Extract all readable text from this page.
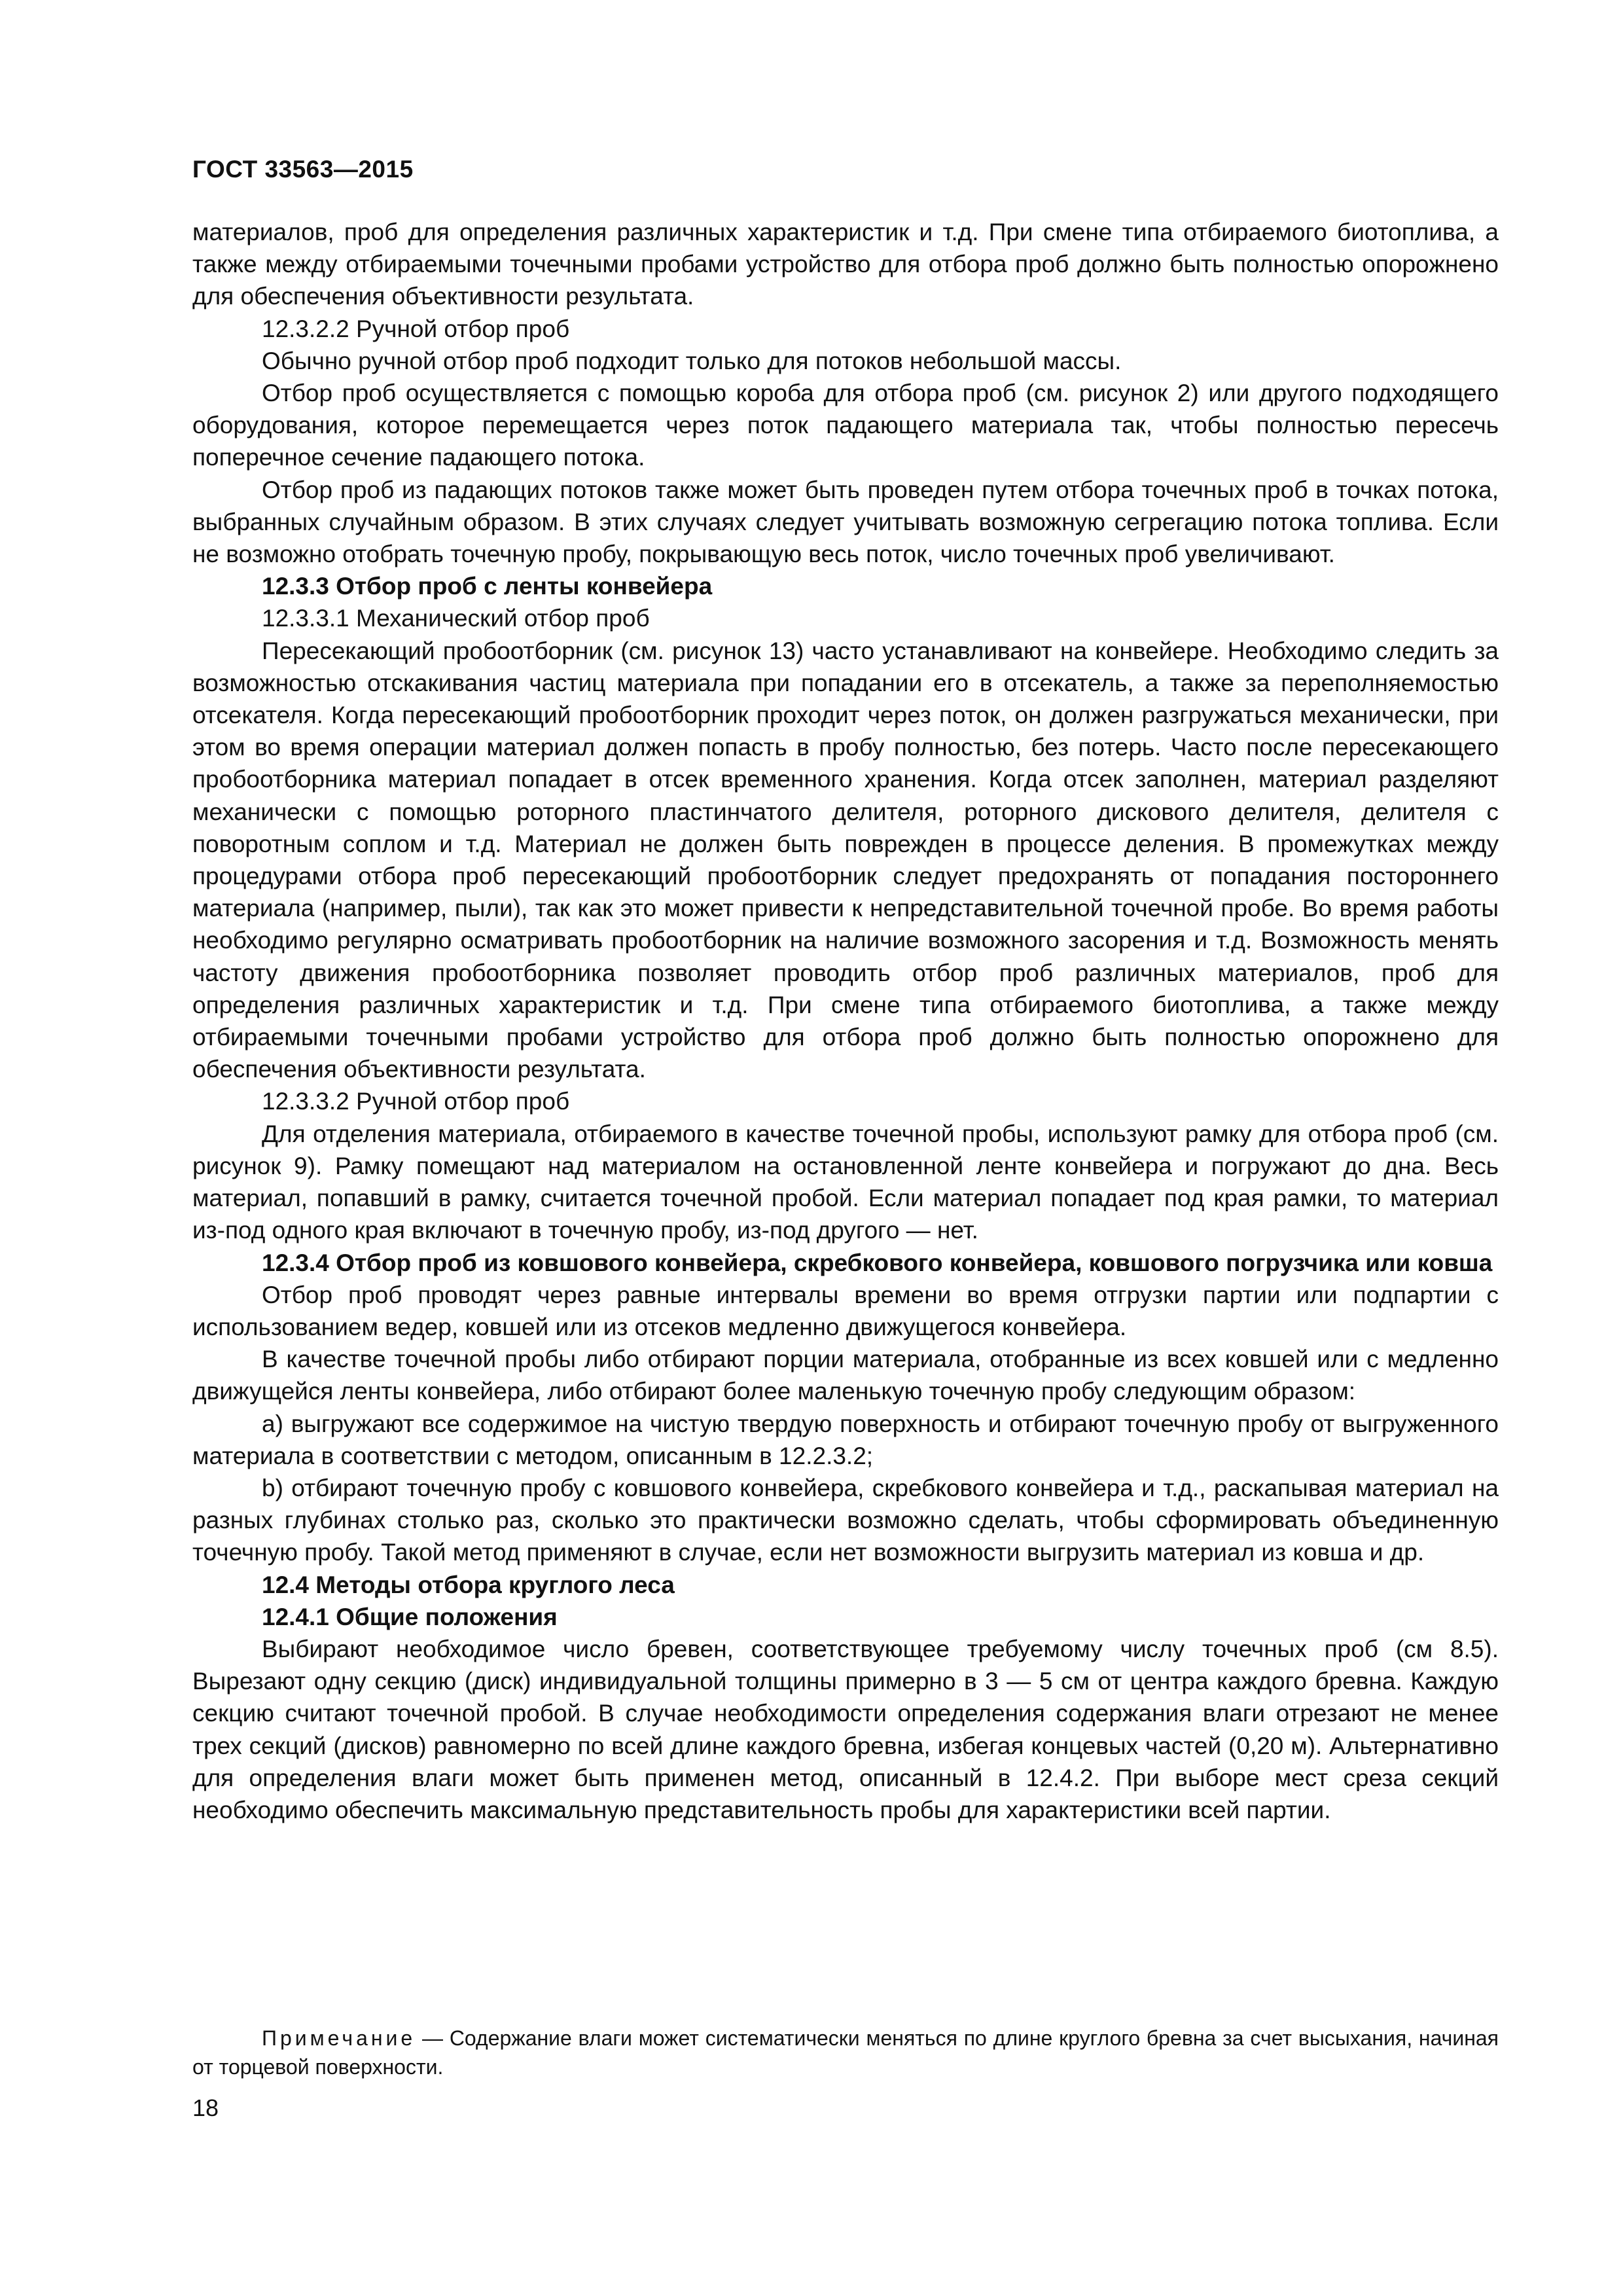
ГОСТ 33563—2015

материалов, проб для определения различных характеристик и т.д. При смене типа отбираемого биотоплива, а также между отбираемыми точечными пробами устройство для отбора проб должно быть полностью опорожнено для обеспечения объективности результата.

12.3.2.2 Ручной отбор проб

Обычно ручной отбор проб подходит только для потоков небольшой массы.

Отбор проб осуществляется с помощью короба для отбора проб (см. рисунок 2) или другого подходящего оборудования, которое перемещается через поток падающего материала так, чтобы полностью пересечь поперечное сечение падающего потока.

Отбор проб из падающих потоков также может быть проведен путем отбора точечных проб в точках потока, выбранных случайным образом. В этих случаях следует учитывать возможную сегрегацию потока топлива. Если не возможно отобрать точечную пробу, покрывающую весь поток, число точечных проб увеличивают.

12.3.3 Отбор проб с ленты конвейера

12.3.3.1 Механический отбор проб

Пересекающий пробоотборник (см. рисунок 13) часто устанавливают на конвейере. Необходимо следить за возможностью отскакивания частиц материала при попадании его в отсекатель, а также за переполняемостью отсекателя. Когда пересекающий пробоотборник проходит через поток, он должен разгружаться механически, при этом во время операции материал должен попасть в пробу полностью, без потерь. Часто после пересекающего пробоотборника материал попадает в отсек временного хранения. Когда отсек заполнен, материал разделяют механически с помощью роторного пластинчатого делителя, роторного дискового делителя, делителя с поворотным соплом и т.д. Материал не должен быть поврежден в процессе деления. В промежутках между процедурами отбора проб пересекающий пробоотборник следует предохранять от попадания постороннего материала (например, пыли), так как это может привести к непредставительной точечной пробе. Во время работы необходимо регулярно осматривать пробоотборник на наличие возможного засорения и т.д. Возможность менять частоту движения пробоотборника позволяет проводить отбор проб различных материалов, проб для определения различных характеристик и т.д. При смене типа отбираемого биотоплива, а также между отбираемыми точечными пробами устройство для отбора проб должно быть полностью опорожнено для обеспечения объективности результата.

12.3.3.2 Ручной отбор проб

Для отделения материала, отбираемого в качестве точечной пробы, используют рамку для отбора проб (см. рисунок 9). Рамку помещают над материалом на остановленной ленте конвейера и погружают до дна. Весь материал, попавший в рамку, считается точечной пробой. Если материал попадает под края рамки, то материал из-под одного края включают в точечную пробу, из-под другого — нет.

12.3.4 Отбор проб из ковшового конвейера, скребкового конвейера, ковшового погрузчика или ковша

Отбор проб проводят через равные интервалы времени во время отгрузки партии или подпартии с использованием ведер, ковшей или из отсеков медленно движущегося конвейера.

В качестве точечной пробы либо отбирают порции материала, отобранные из всех ковшей или с медленно движущейся ленты конвейера, либо отбирают более маленькую точечную пробу следующим образом:

a) выгружают все содержимое на чистую твердую поверхность и отбирают точечную пробу от выгруженного материала в соответствии с методом, описанным в 12.2.3.2;

b) отбирают точечную пробу с ковшового конвейера, скребкового конвейера и т.д., раскапывая материал на разных глубинах столько раз, сколько это практически возможно сделать, чтобы сформировать объединенную точечную пробу. Такой метод применяют в случае, если нет возможности выгрузить материал из ковша и др.

12.4 Методы отбора круглого леса

12.4.1 Общие положения

Выбирают необходимое число бревен, соответствующее требуемому числу точечных проб (см 8.5). Вырезают одну секцию (диск) индивидуальной толщины примерно в 3 — 5 см от центра каждого бревна. Каждую секцию считают точечной пробой. В случае необходимости определения содержания влаги отрезают не менее трех секций (дисков) равномерно по всей длине каждого бревна, избегая концевых частей (0,20 м). Альтернативно для определения влаги может быть применен метод, описанный в 12.4.2. При выборе мест среза секций необходимо обеспечить максимальную представительность пробы для характеристики всей партии.

Примечание — Содержание влаги может систематически меняться по длине круглого бревна за счет высыхания, начиная от торцевой поверхности.
18
